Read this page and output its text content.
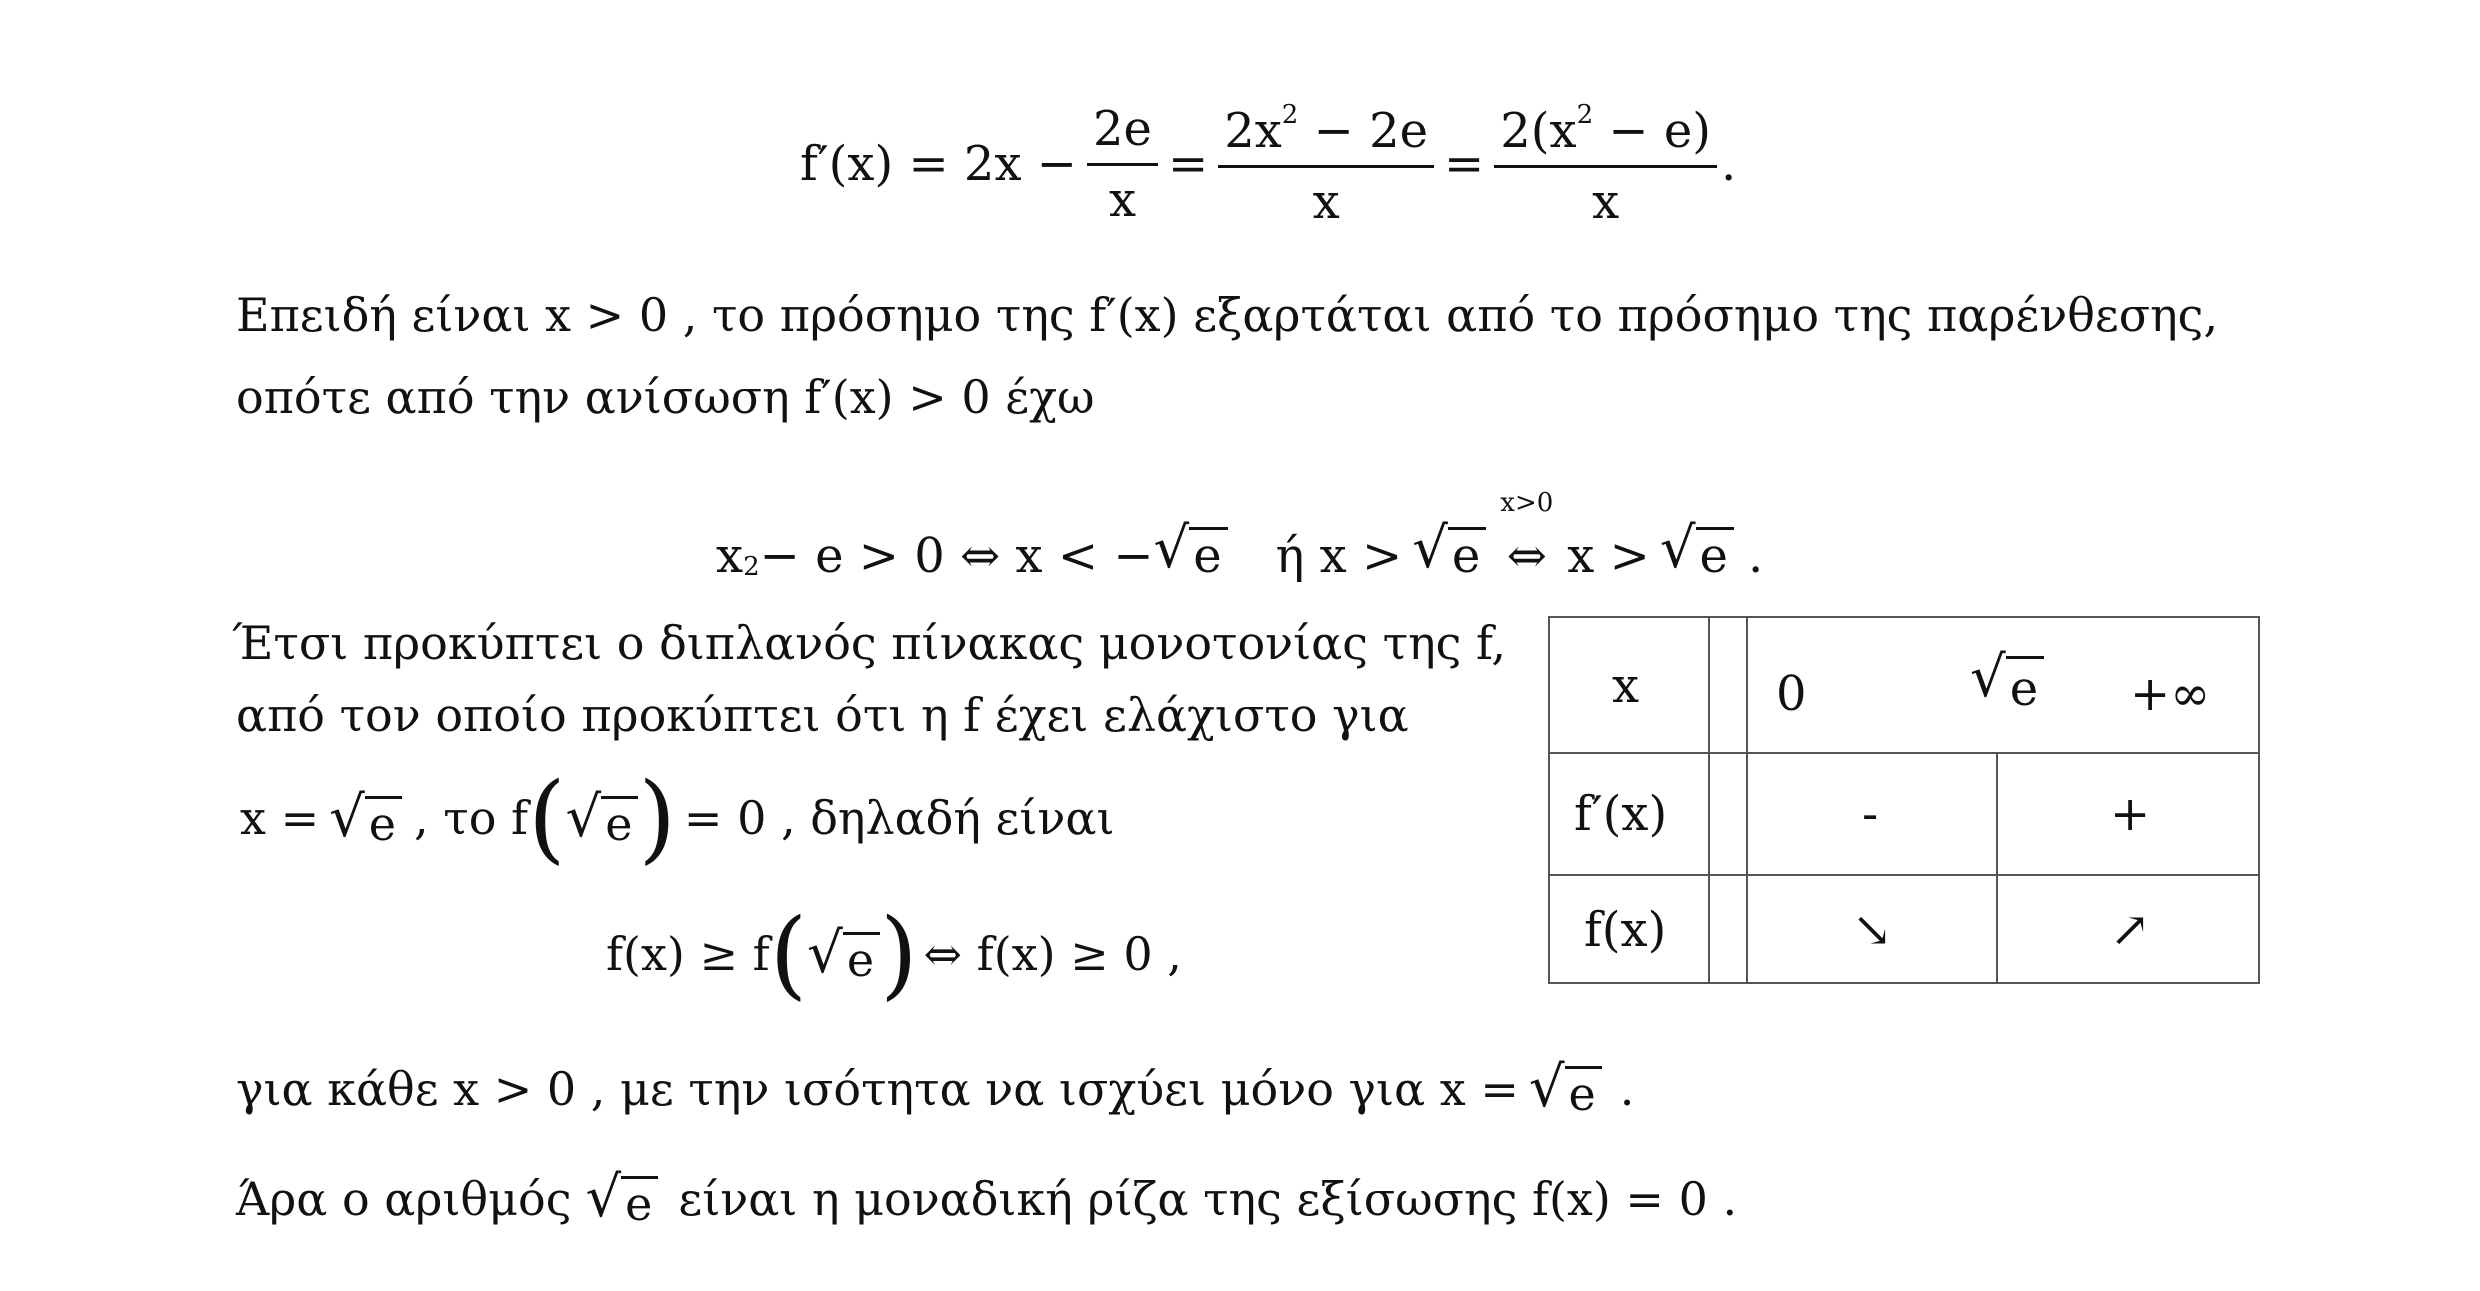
$f'(x) = 2x - \frac{2e}{x} = \frac{2x^2 - 2e}{x} = \frac{2(x^2 - e)}{x}$ .
Επειδή είναι x > 0 , το πρόσημο της f′(x) εξαρτάται από το πρόσημο της παρένθεσης,
οπότε από την ανίσωση f′(x) > 0 έχω
$x_2 - e > 0$ ⇔ x < − √ e ή x > √ e
x>0
⇔ x > √ e .
Έτσι προκύπτει ο διπλανός πίνακας μονοτονίας της f,
από τον οποίο προκύπτει ότι η f έχει ελάχιστο για
x = √ e , το f ( √ e ) = 0 , δηλαδή είναι
f(x) ≥ f ( √ e ) ⇔ f(x) ≥ 0 ,
για κάθε x > 0 , με την ισότητα να ισχύει μόνο για x = √ e .
Άρα ο αριθμός √ e είναι η μοναδική ρίζα της εξίσωσης f(x) = 0 .
x	0	√ e +∞
f′(x)	-	+
f(x)	↘	↗
